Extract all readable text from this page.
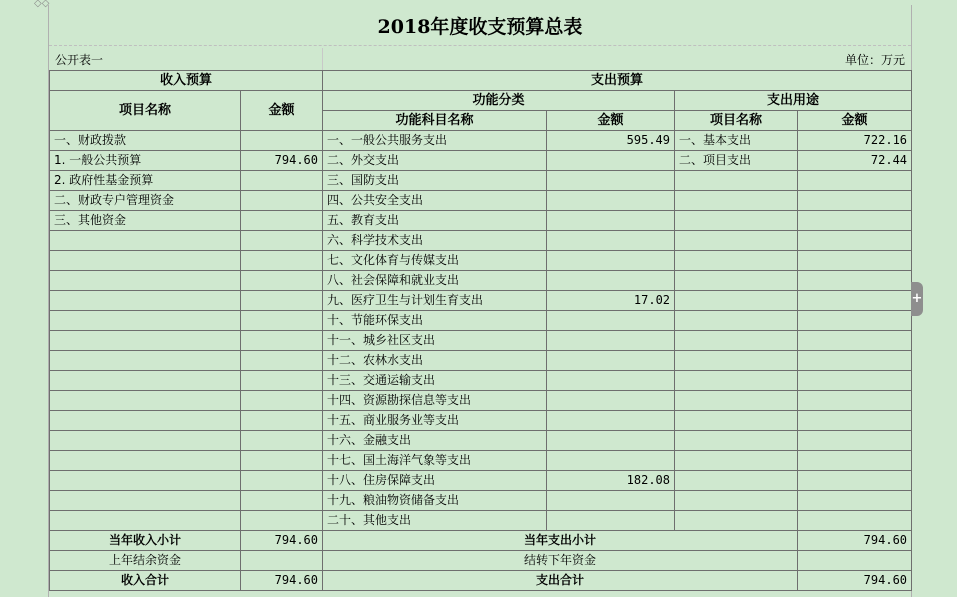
◇◇
2018年度收支预算总表
公开表一	单位：万元
收入预算		支出预算			
项目名称	金额	功能分类		支出用途	
		功能科目名称	金额	项目名称	金额
一、财政拨款		一、一般公共服务支出	595.49	一、基本支出	722.16
1. 一般公共预算	794.60	二、外交支出		二、项目支出	72.44
2. 政府性基金预算		三、国防支出			
二、财政专户管理资金		四、公共安全支出			
三、其他资金		五、教育支出			
		六、科学技术支出			
		七、文化体育与传媒支出			
		八、社会保障和就业支出			
		九、医疗卫生与计划生育支出	17.02		
		十、节能环保支出			
		十一、城乡社区支出			
		十二、农林水支出			
		十三、交通运输支出			
		十四、资源勘探信息等支出			
		十五、商业服务业等支出			
		十六、金融支出			
		十七、国土海洋气象等支出			
		十八、住房保障支出	182.08		
		十九、粮油物资储备支出			
		二十、其他支出			
当年收入小计	794.60	当年支出小计			794.60
上年结余资金		结转下年资金			
收入合计	794.60	支出合计			794.60
+
